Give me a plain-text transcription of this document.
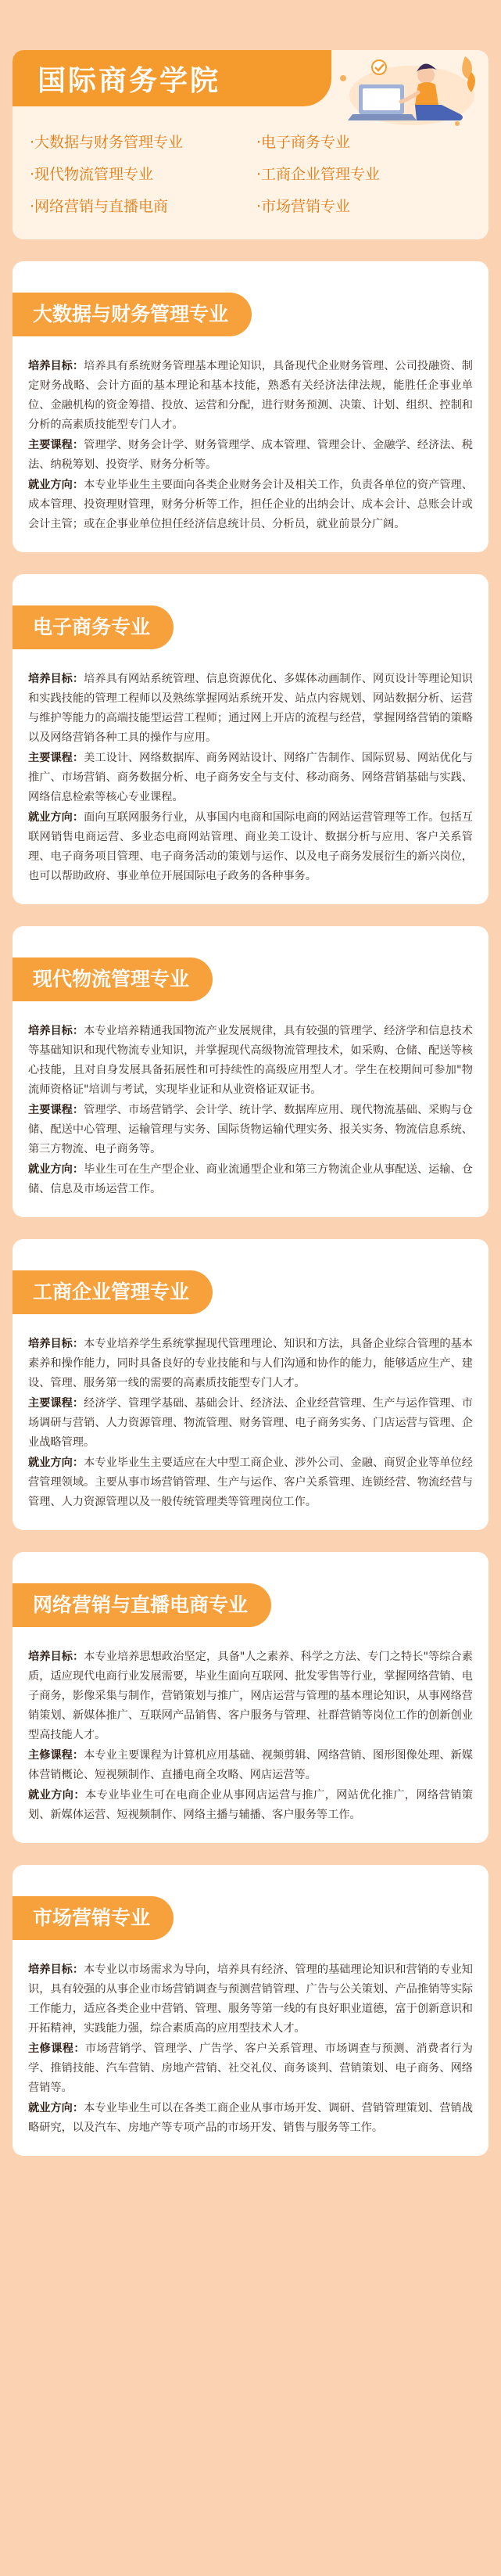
国际商务学院
·大数据与财务管理专业	·电子商务专业
·现代物流管理专业	·工商企业管理专业
·网络营销与直播电商	·市场营销专业
大数据与财务管理专业

培养目标：培养具有系统财务管理基本理论知识，具备现代企业财务管理、公司投融资、制定财务战略、会计方面的基本理论和基本技能，熟悉有关经济法律法规，能胜任企事业单位、金融机构的资金筹措、投放、运营和分配，进行财务预测、决策、计划、组织、控制和分析的高素质技能型专门人才。

主要课程：管理学、财务会计学、财务管理学、成本管理、管理会计、金融学、经济法、税法、纳税筹划、投资学、财务分析等。

就业方向：本专业毕业生主要面向各类企业财务会计及相关工作，负责各单位的资产管理、成本管理、投资理财管理，财务分析等工作，担任企业的出纳会计、成本会计、总账会计或会计主管；或在企事业单位担任经济信息统计员、分析员，就业前景分广阔。

电子商务专业

培养目标：培养具有网站系统管理、信息资源优化、多媒体动画制作、网页设计等理论知识和实践技能的管理工程师以及熟练掌握网站系统开发、站点内容规划、网站数据分析、运营与维护等能力的高端技能型运营工程师；通过网上开店的流程与经营，掌握网络营销的策略以及网络营销各种工具的操作与应用。

主要课程：美工设计、网络数据库、商务网站设计、网络广告制作、国际贸易、网站优化与推广、市场营销、商务数据分析、电子商务安全与支付、移动商务、网络营销基础与实践、网络信息检索等核心专业课程。

就业方向：面向互联网服务行业，从事国内电商和国际电商的网站运营管理等工作。包括互联网销售电商运营、多业态电商网站管理、商业美工设计、数据分析与应用、客户关系管理、电子商务项目管理、电子商务活动的策划与运作、以及电子商务发展衍生的新兴岗位，也可以帮助政府、事业单位开展国际电子政务的各种事务。

现代物流管理专业

培养目标：本专业培养精通我国物流产业发展规律，具有较强的管理学、经济学和信息技术等基础知识和现代物流专业知识，并掌握现代高级物流管理技术，如采购、仓储、配送等核心技能，且对自身发展具备拓展性和可持续性的高级应用型人才。学生在校期间可参加"物流师资格证"培训与考试，实现毕业证和从业资格证双证书。

主要课程：管理学、市场营销学、会计学、统计学、数据库应用、现代物流基础、采购与仓储、配送中心管理、运输管理与实务、国际货物运输代理实务、报关实务、物流信息系统、第三方物流、电子商务等。

就业方向：毕业生可在生产型企业、商业流通型企业和第三方物流企业从事配送、运输、仓储、信息及市场运营工作。

工商企业管理专业

培养目标：本专业培养学生系统掌握现代管理理论、知识和方法，具备企业综合管理的基本素养和操作能力，同时具备良好的专业技能和与人们沟通和协作的能力，能够适应生产、建设、管理、服务第一线的需要的高素质技能型专门人才。

主要课程：经济学、管理学基础、基础会计、经济法、企业经营管理、生产与运作管理、市场调研与营销、人力资源管理、物流管理、财务管理、电子商务实务、门店运营与管理、企业战略管理。

就业方向：本专业毕业生主要适应在大中型工商企业、涉外公司、金融、商贸企业等单位经营管理领域。主要从事市场营销管理、生产与运作、客户关系管理、连锁经营、物流经营与管理、人力资源管理以及一般传统管理类等管理岗位工作。

网络营销与直播电商专业

培养目标：本专业培养思想政治坚定，具备"人之素养、科学之方法、专门之特长"等综合素质，适应现代电商行业发展需要，毕业生面向互联网、批发零售等行业，掌握网络营销、电子商务，影像采集与制作，营销策划与推广，网店运营与管理的基本理论知识，从事网络营销策划、新媒体推广、互联网产品销售、客户服务与管理、社群营销等岗位工作的创新创业型高技能人才。

主修课程：本专业主要课程为计算机应用基础、视频剪辑、网络营销、图形图像处理、新媒体营销概论、短视频制作、直播电商全攻略、网店运营等。

就业方向：本专业毕业生可在电商企业从事网店运营与推广，网站优化推广，网络营销策划、新媒体运营、短视频制作、网络主播与辅播、客户服务等工作。

市场营销专业

培养目标：本专业以市场需求为导向，培养具有经济、管理的基础理论知识和营销的专业知识，具有较强的从事企业市场营销调查与预测营销管理、广告与公关策划、产品推销等实际工作能力，适应各类企业中营销、管理、服务等第一线的有良好职业道德，富于创新意识和开拓精神，实践能力强，综合素质高的应用型技术人才。

主修课程：市场营销学、管理学、广告学、客户关系管理、市场调查与预测、消费者行为学、推销技能、汽车营销、房地产营销、社交礼仪、商务谈判、营销策划、电子商务、网络营销等。

就业方向：本专业毕业生可以在各类工商企业从事市场开发、调研、营销管理策划、营销战略研究，以及汽车、房地产等专项产品的市场开发、销售与服务等工作。
